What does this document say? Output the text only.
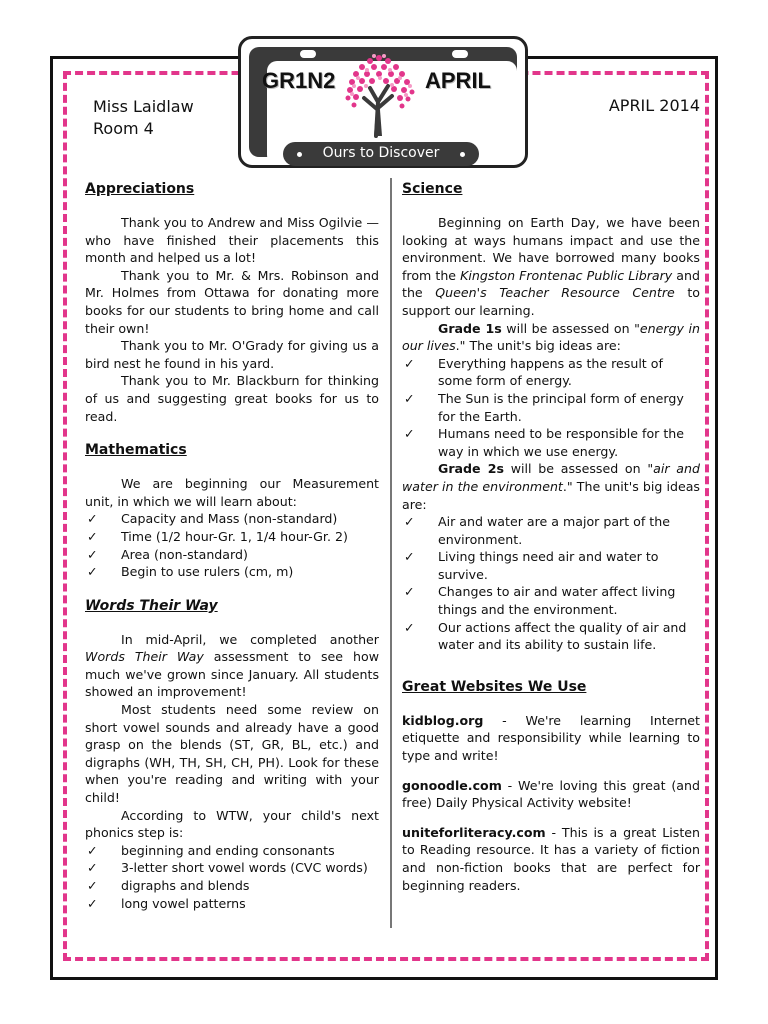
GR1N2	APRIL
Ours to Discover
Miss Laidlaw
Room 4
APRIL 2014
Appreciations

Thank you to Andrew and Miss Ogilvie — who have finished their placements this month and helped us a lot!

Thank you to Mr. & Mrs. Robinson and Mr. Holmes from Ottawa for donating more books for our students to bring home and call their own!

Thank you to Mr. O'Grady for giving us a bird nest he found in his yard.

Thank you to Mr. Blackburn for thinking of us and suggesting great books for us to read.

Mathematics

We are beginning our Measurement unit, in which we will learn about:

✓ Capacity and Mass (non-standard)
✓ Time (1/2 hour-Gr. 1, 1/4 hour-Gr. 2)
✓ Area (non-standard)
✓ Begin to use rulers (cm, m)
Words Their Way

In mid-April, we completed another Words Their Way assessment to see how much we've grown since January. All students showed an improvement!

Most students need some review on short vowel sounds and already have a good grasp on the blends (ST, GR, BL, etc.) and digraphs (WH, TH, SH, CH, PH). Look for these when you're reading and writing with your child!

According to WTW, your child's next phonics step is:

✓ beginning and ending consonants
✓ 3-letter short vowel words (CVC words)
✓ digraphs and blends
✓ long vowel patterns
Science

Beginning on Earth Day, we have been looking at ways humans impact and use the environment. We have borrowed many books from the Kingston Frontenac Public Library and the Queen's Teacher Resource Centre to support our learning.

Grade 1s will be assessed on "energy in our lives." The unit's big ideas are:

✓ Everything happens as the result of some form of energy.
✓ The Sun is the principal form of energy for the Earth.
✓ Humans need to be responsible for the way in which we use energy.

Grade 2s will be assessed on "air and water in the environment." The unit's big ideas are:

✓ Air and water are a major part of the environment.
✓ Living things need air and water to survive.
✓ Changes to air and water affect living things and the environment.
✓ Our actions affect the quality of air and water and its ability to sustain life.
Great Websites We Use

kidblog.org - We're learning Internet etiquette and responsibility while learning to type and write!

gonoodle.com - We're loving this great (and free) Daily Physical Activity website!

uniteforliteracy.com - This is a great Listen to Reading resource. It has a variety of fiction and non-fiction books that are perfect for beginning readers.
